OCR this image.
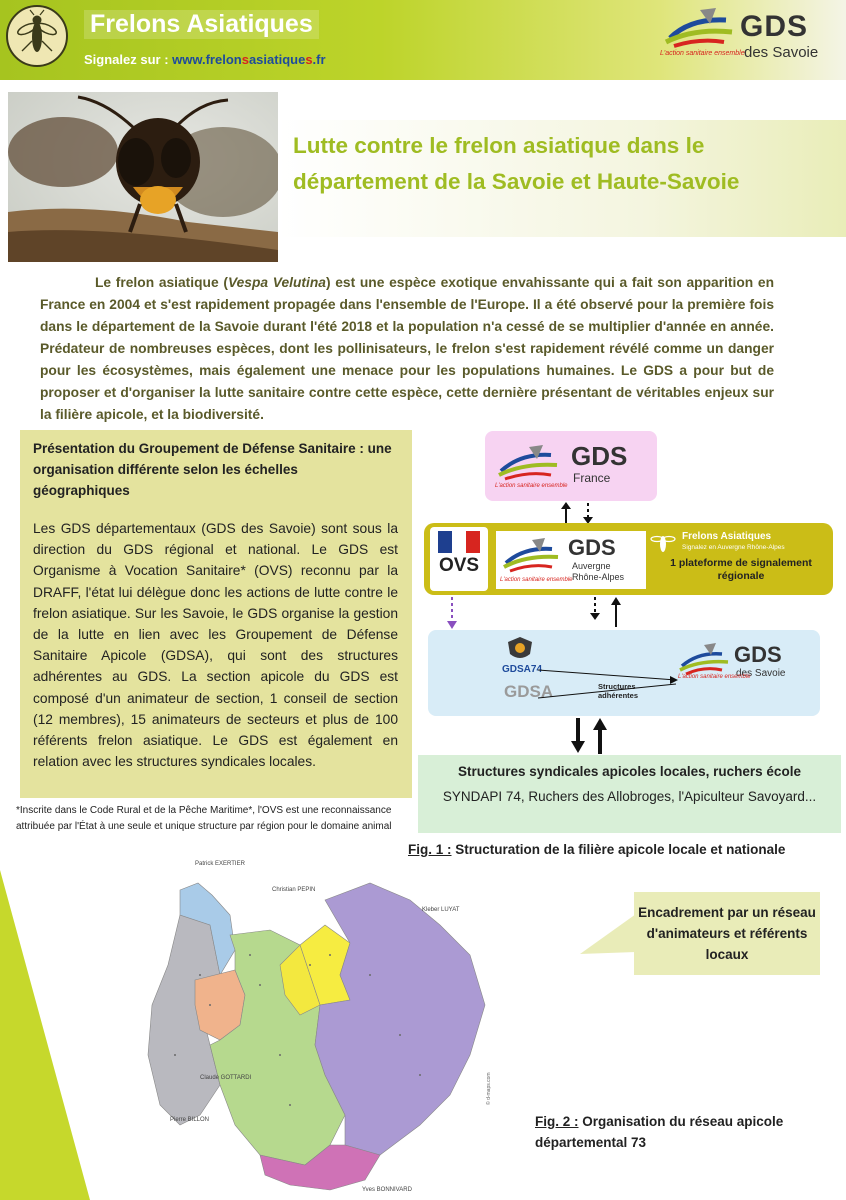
Frelons Asiatiques
Signalez sur : www.frelonsasiatiques.fr
GDS
des Savoie
L'action sanitaire ensemble
Lutte contre le frelon asiatique dans le département de la Savoie et Haute-Savoie

Le frelon asiatique (Vespa Velutina) est une espèce exotique envahissante qui a fait son apparition en France en 2004 et s'est rapidement propagée dans l'ensemble de l'Europe. Il a été observé pour la première fois dans le département de la Savoie durant l'été 2018 et la population n'a cessé de se multiplier d'année en année. Prédateur de nombreuses espèces, dont les pollinisateurs, le frelon s'est rapidement révélé comme un danger pour les écosystèmes, mais également une menace pour les populations humaines. Le GDS a pour but de proposer et d'organiser la lutte sanitaire contre cette espèce, cette dernière présentant de véritables enjeux sur la filière apicole, et la biodiversité.

Présentation du Groupement de Défense Sanitaire : une organisation différente selon les échelles géographiques
Les GDS départementaux (GDS des Savoie) sont sous la direction du GDS régional et national. Le GDS est Organisme à Vocation Sanitaire* (OVS) reconnu par la DRAFF, l'état lui délègue donc les actions de lutte contre le frelon asiatique. Sur les Savoie, le GDS organise la gestion de la lutte en lien avec les Groupement de Défense Sanitaire Apicole (GDSA), qui sont des structures adhérentes au GDS. La section apicole du GDS est composé d'un animateur de section, 1 conseil de section (12 membres), 15 animateurs de secteurs et plus de 100 référents frelon asiatique. Le GDS est également en relation avec les structures syndicales locales.
*Inscrite dans le Code Rural et de la Pêche Maritime*, l'OVS est une reconnaissance attribuée par l'État à une seule et unique structure par région pour le domaine animal
GDS
France
L'action sanitaire ensemble
OVS
GDS
Auvergne
Rhône-Alpes
L'action sanitaire ensemble
Frelons Asiatiques
Signalez en Auvergne Rhône-Alpes
1 plateforme de signalement régionale
GDSA74
GDSA	Structures adhérentes
GDS
des Savoie
L'action sanitaire ensemble
Structures syndicales apicoles locales, ruchers école
SYNDAPI 74, Ruchers des Allobroges, l'Apiculteur Savoyard...
Fig. 1 : Structuration de la filière apicole locale et nationale
Patrick EXERTIER
Christian PEPIN
Kleber LUYAT
Claude GOTTARDI
Pierre BILLON
Yves BONNIVARD
© d-maps.com
Encadrement par un réseau d'animateurs et référents locaux
Fig. 2 : Organisation du réseau apicole départemental 73
